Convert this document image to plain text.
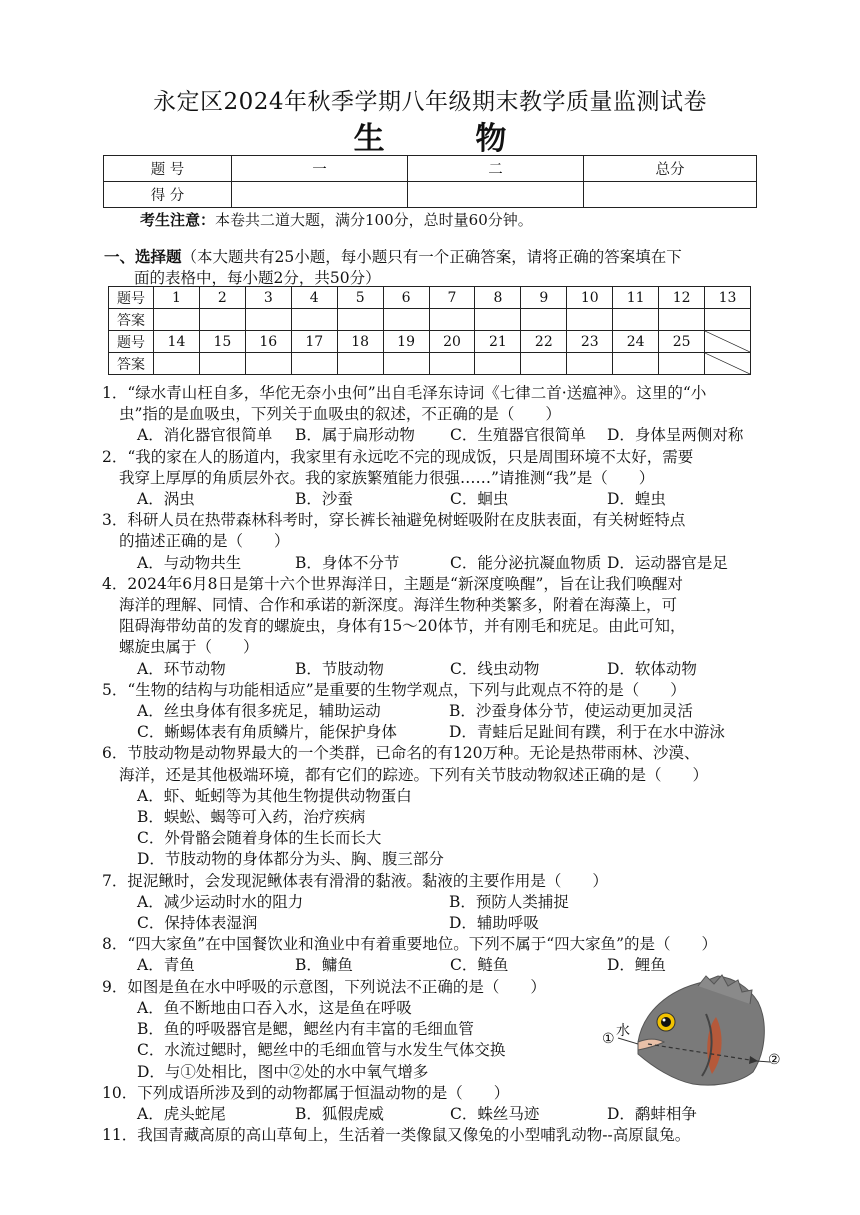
永定区2024年秋季学期八年级期末教学质量监测试卷
生 物
题 号	一	二	总分
得 分			
考生注意：本卷共二道大题，满分100分，总时量60分钟。
一、选择题（本大题共有25小题，每小题只有一个正确答案，请将正确的答案填在下
面的表格中，每小题2分，共50分）
题号	1	2	3	4	5	6	7	8	9	10	11	12	13
答案													
题号	14	15	16	17	18	19	20	21	22	23	24	25	

答案													
1．“绿水青山枉自多，华佗无奈小虫何”出自毛泽东诗词《七律二首·送瘟神》。这里的“小
虫”指的是血吸虫，下列关于血吸虫的叙述，不正确的是（　　）
A．消化器官很简单	B．属于扁形动物	C．生殖器官很简单	D．身体呈两侧对称
2．“我的家在人的肠道内，我家里有永远吃不完的现成饭，只是周围环境不太好，需要
我穿上厚厚的角质层外衣。我的家族繁殖能力很强……”请推测“我”是（　　）
A．涡虫	B．沙蚕	C．蛔虫	D．蝗虫
3．科研人员在热带森林科考时，穿长裤长袖避免树蛭吸附在皮肤表面，有关树蛭特点
的描述正确的是（　　）
A．与动物共生	B．身体不分节	C．能分泌抗凝血物质 D．运动器官是足
4．2024年6月8日是第十六个世界海洋日，主题是“新深度唤醒”，旨在让我们唤醒对
海洋的理解、同情、合作和承诺的新深度。海洋生物种类繁多，附着在海藻上，可
阻碍海带幼苗的发育的螺旋虫，身体有15～20体节，并有刚毛和疣足。由此可知，
螺旋虫属于（　　）
A．环节动物	B．节肢动物	C．线虫动物	D．软体动物
5．“生物的结构与功能相适应”是重要的生物学观点，下列与此观点不符的是（　　）
A．丝虫身体有很多疣足，辅助运动	B．沙蚕身体分节，使运动更加灵活
C．蜥蜴体表有角质鳞片，能保护身体	D．青蛙后足趾间有蹼，利于在水中游泳
6．节肢动物是动物界最大的一个类群，已命名的有120万种。无论是热带雨林、沙漠、
海洋，还是其他极端环境，都有它们的踪迹。下列有关节肢动物叙述正确的是（　　）
A．虾、蚯蚓等为其他生物提供动物蛋白
B．蜈蚣、蝎等可入药，治疗疾病
C．外骨骼会随着身体的生长而长大
D．节肢动物的身体都分为头、胸、腹三部分
7．捉泥鳅时，会发现泥鳅体表有滑滑的黏液。黏液的主要作用是（　　）
A．减少运动时水的阻力	B．预防人类捕捉
C．保持体表湿润	D．辅助呼吸
8．“四大家鱼”在中国餐饮业和渔业中有着重要地位。下列不属于“四大家鱼”的是（　　）
A．青鱼	B．鳙鱼	C．鲢鱼	D．鲤鱼
9．如图是鱼在水中呼吸的示意图，下列说法不正确的是（　　）
A．鱼不断地由口吞入水，这是鱼在呼吸
B．鱼的呼吸器官是鳃，鳃丝内有丰富的毛细血管
C．水流过鳃时，鳃丝中的毛细血管与水发生气体交换
D．与①处相比，图中②处的水中氧气增多
10．下列成语所涉及到的动物都属于恒温动物的是（　　）
A．虎头蛇尾	B．狐假虎威	C．蛛丝马迹	D．鹬蚌相争
11．我国青藏高原的高山草甸上，生活着一类像鼠又像兔的小型哺乳动物--高原鼠兔。
水
①
②
